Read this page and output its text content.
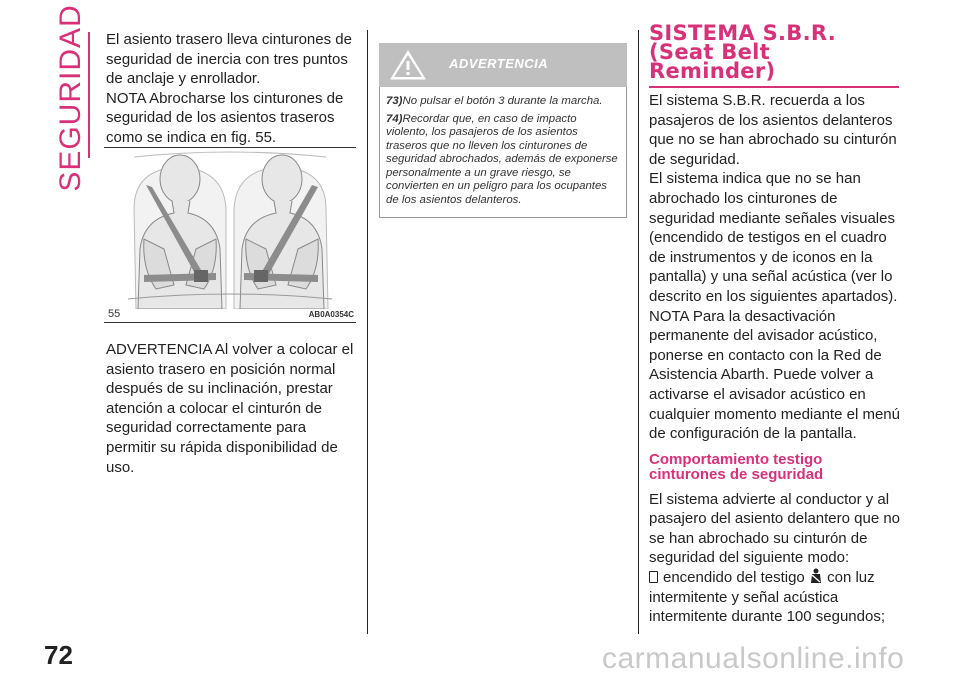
SEGURIDAD El asiento trasero lleva cinturones de seguridad de inercia con tres puntos de anclaje y enrollador.

NOTA Abrocharse los cinturones de seguridad de los asientos traseros como se indica en fig. 55.

55	AB0A0354C

ADVERTENCIA Al volver a colocar el asiento trasero en posición normal después de su inclinación, prestar atención a colocar el cinturón de seguridad correctamente para permitir su rápida disponibilidad de uso.

ADVERTENCIA

73)No pulsar el botón 3 durante la marcha.

74)Recordar que, en caso de impacto violento, los pasajeros de los asientos traseros que no lleven los cinturones de seguridad abrochados, además de exponerse personalmente a un grave riesgo, se convierten en un peligro para los ocupantes de los asientos delanteros.

SISTEMA S.B.R.
(Seat Belt
Reminder)

El sistema S.B.R. recuerda a los pasajeros de los asientos delanteros que no se han abrochado su cinturón de seguridad.

El sistema indica que no se han abrochado los cinturones de seguridad mediante señales visuales (encendido de testigos en el cuadro de instrumentos y de iconos en la pantalla) y una señal acústica (ver lo descrito en los siguientes apartados).

NOTA Para la desactivación permanente del avisador acústico, ponerse en contacto con la Red de Asistencia Abarth. Puede volver a activarse el avisador acústico en cualquier momento mediante el menú de configuración de la pantalla.

Comportamiento testigo cinturones de seguridad

El sistema advierte al conductor y al pasajero del asiento delantero que no se han abrochado su cinturón de seguridad del siguiente modo:

encendido del testigo con luz intermitente y señal acústica intermitente durante 100 segundos;

72	carmanualsonline.info
